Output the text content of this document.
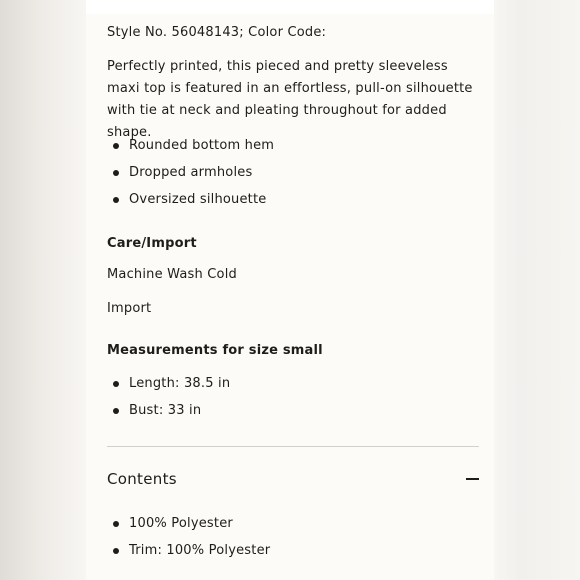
Style No. 56048143; Color Code:
Perfectly printed, this pieced and pretty sleeveless maxi top is featured in an effortless, pull-on silhouette with tie at neck and pleating throughout for added shape.
Rounded bottom hem
Dropped armholes
Oversized silhouette
Care/Import
Machine Wash Cold
Import
Measurements for size small
Length: 38.5 in
Bust: 33 in
Contents
100% Polyester
Trim: 100% Polyester
